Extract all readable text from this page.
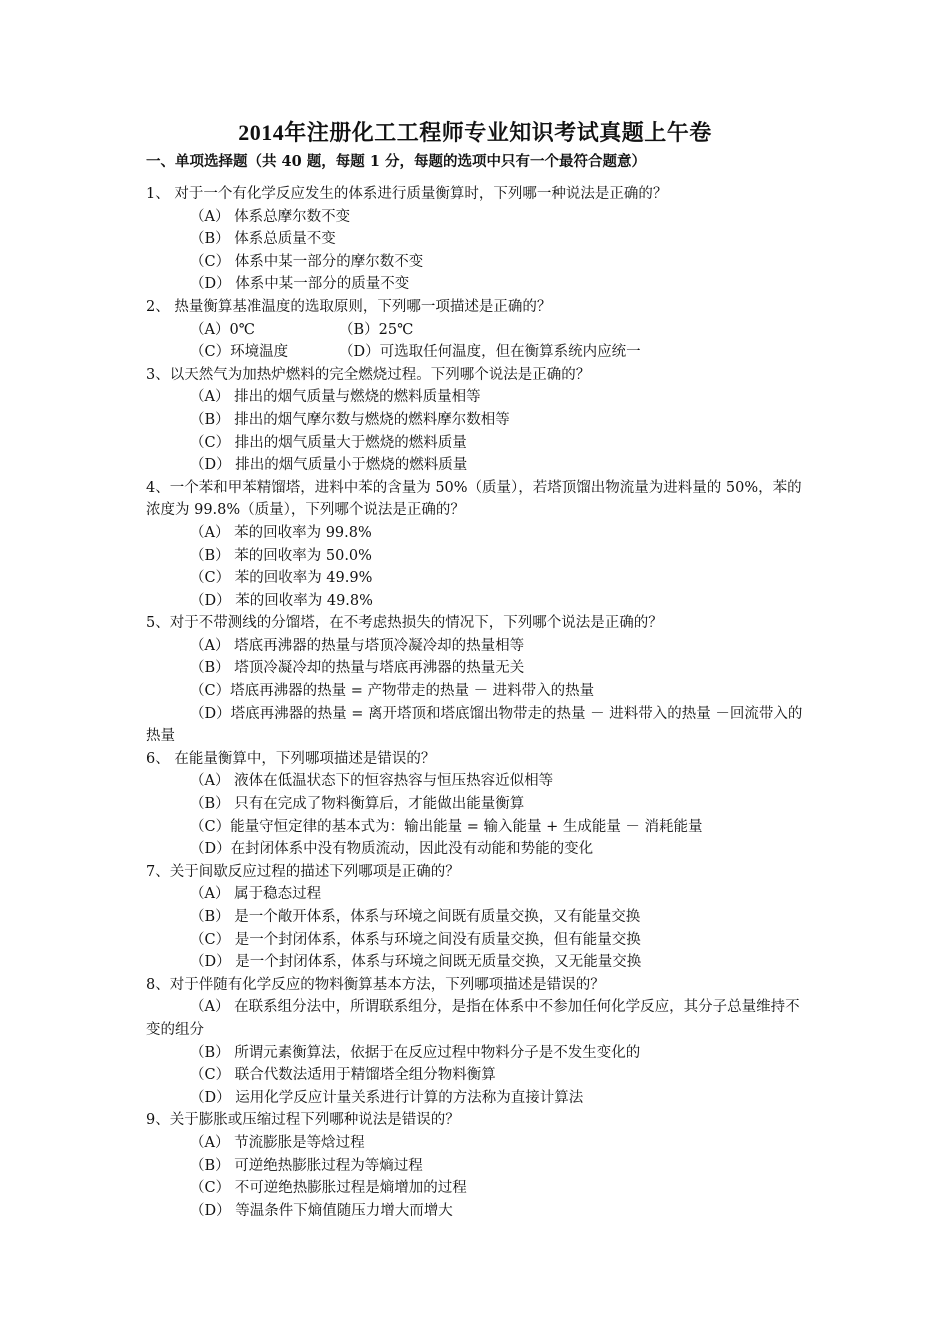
2014年注册化工工程师专业知识考试真题上午卷
一、单项选择题（共 40 题，每题 1 分，每题的选项中只有一个最符合题意）
1、 对于一个有化学反应发生的体系进行质量衡算时，下列哪一种说法是正确的？
（A） 体系总摩尔数不变
（B） 体系总质量不变
（C） 体系中某一部分的摩尔数不变
（D） 体系中某一部分的质量不变
2、 热量衡算基准温度的选取原则，下列哪一项描述是正确的？
（A）0℃	（B）25℃
（C）环境温度	（D）可选取任何温度，但在衡算系统内应统一
3、以天然气为加热炉燃料的完全燃烧过程。下列哪个说法是正确的？
（A） 排出的烟气质量与燃烧的燃料质量相等
（B） 排出的烟气摩尔数与燃烧的燃料摩尔数相等
（C） 排出的烟气质量大于燃烧的燃料质量
（D） 排出的烟气质量小于燃烧的燃料质量
4、一个苯和甲苯精馏塔，进料中苯的含量为 50%（质量），若塔顶馏出物流量为进料量的 50%，苯的浓度为 99.8%（质量），下列哪个说法是正确的？
（A） 苯的回收率为 99.8%
（B） 苯的回收率为 50.0%
（C） 苯的回收率为 49.9%
（D） 苯的回收率为 49.8%
5、对于不带测线的分馏塔，在不考虑热损失的情况下，下列哪个说法是正确的？
（A） 塔底再沸器的热量与塔顶冷凝冷却的热量相等
（B） 塔顶冷凝冷却的热量与塔底再沸器的热量无关
（C）塔底再沸器的热量 = 产物带走的热量 － 进料带入的热量
（D）塔底再沸器的热量 = 离开塔顶和塔底馏出物带走的热量 － 进料带入的热量 －回流带入的热量
6、 在能量衡算中，下列哪项描述是错误的？
（A） 液体在低温状态下的恒容热容与恒压热容近似相等
（B） 只有在完成了物料衡算后，才能做出能量衡算
（C）能量守恒定律的基本式为：输出能量 = 输入能量 + 生成能量 － 消耗能量
（D）在封闭体系中没有物质流动，因此没有动能和势能的变化
7、关于间歇反应过程的描述下列哪项是正确的？
（A） 属于稳态过程
（B） 是一个敞开体系，体系与环境之间既有质量交换，又有能量交换
（C） 是一个封闭体系，体系与环境之间没有质量交换，但有能量交换
（D） 是一个封闭体系，体系与环境之间既无质量交换，又无能量交换
8、对于伴随有化学反应的物料衡算基本方法，下列哪项描述是错误的？
（A） 在联系组分法中，所谓联系组分，是指在体系中不参加任何化学反应，其分子总量维持不变的组分
（B） 所谓元素衡算法，依据于在反应过程中物料分子是不发生变化的
（C） 联合代数法适用于精馏塔全组分物料衡算
（D） 运用化学反应计量关系进行计算的方法称为直接计算法
9、关于膨胀或压缩过程下列哪种说法是错误的？
（A） 节流膨胀是等焓过程
（B） 可逆绝热膨胀过程为等熵过程
（C） 不可逆绝热膨胀过程是熵增加的过程
（D） 等温条件下熵值随压力增大而增大
